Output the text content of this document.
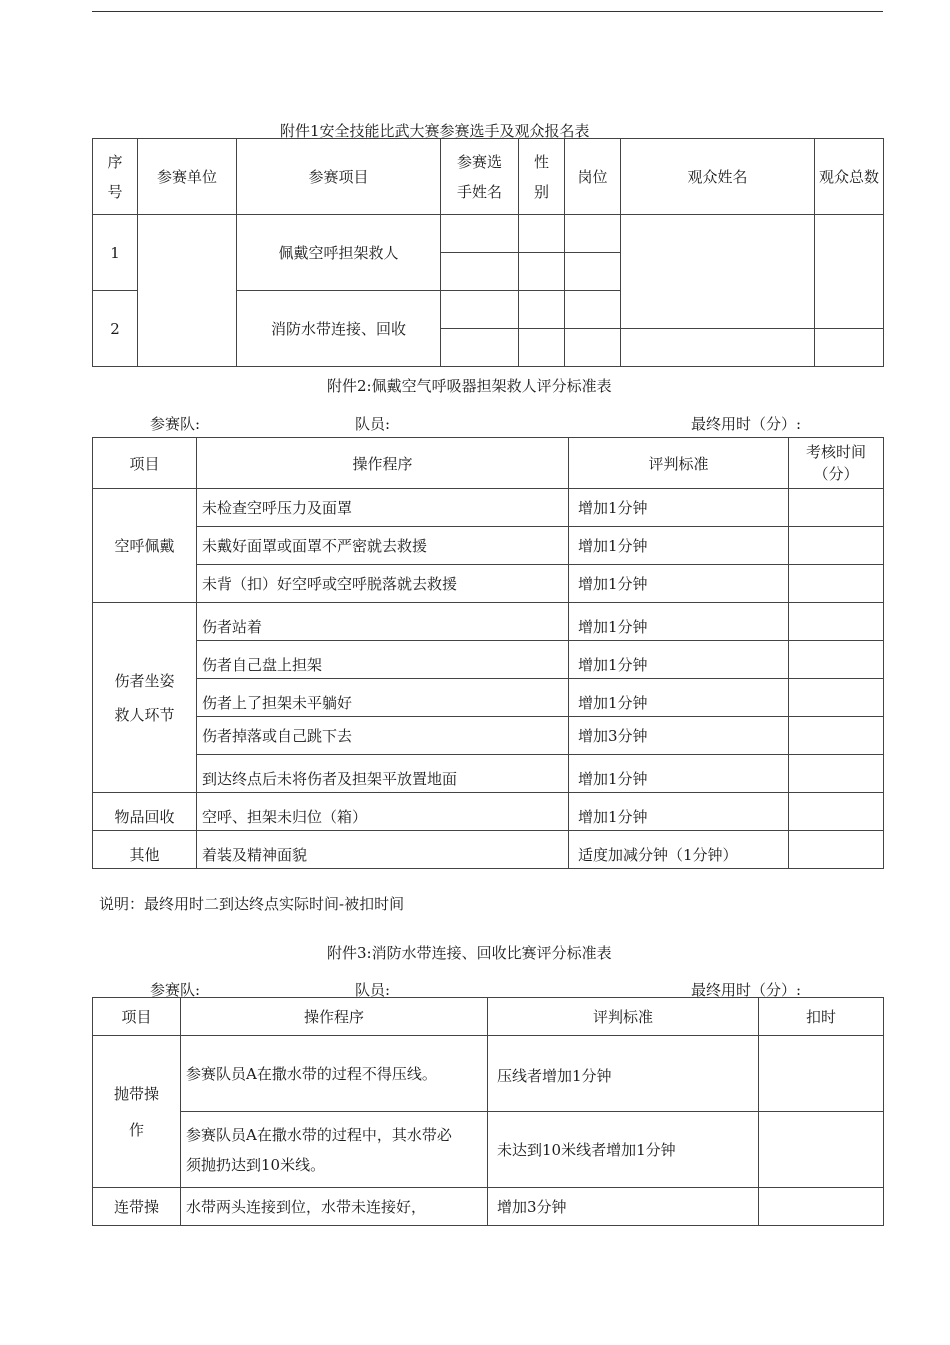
附件1安全技能比武大赛参赛选手及观众报名表
序
号	参赛单位	参赛项目	参赛选
手姓名	性
别	岗位	观众姓名	观众总数
1		佩戴空呼担架救人					

2		消防水带连接、回收					

附件2:佩戴空气呼吸器担架救人评分标准表
参赛队:	队员:	最终用时（分）:
项目	操作程序	评判标准	考核时间
（分）
空呼佩戴	未检查空呼压力及面罩	增加1分钟	
	未戴好面罩或面罩不严密就去救援	增加1分钟	
	未背（扣）好空呼或空呼脱落就去救援	增加1分钟	
伤者坐姿
救人环节	伤者站着	增加1分钟	
	伤者自己盘上担架	增加1分钟	
	伤者上了担架未平躺好	增加1分钟	
	伤者掉落或自己跳下去	增加3分钟	
	到达终点后未将伤者及担架平放置地面	增加1分钟	
物品回收	空呼、担架未归位（箱）	增加1分钟	
其他	着装及精神面貌	适度加减分钟（1分钟）	
说明：最终用时二到达终点实际时间-被扣时间
附件3:消防水带连接、回收比赛评分标准表
参赛队:	队员:	最终用时（分）:
项目	操作程序	评判标准	扣时
抛带操
作	参赛队员A在撒水带的过程不得压线。	压线者增加1分钟	
	参赛队员A在撒水带的过程中，其水带必
须抛扔达到10米线。	未达到10米线者增加1分钟	
连带操	水带两头连接到位，水带未连接好，	增加3分钟	
